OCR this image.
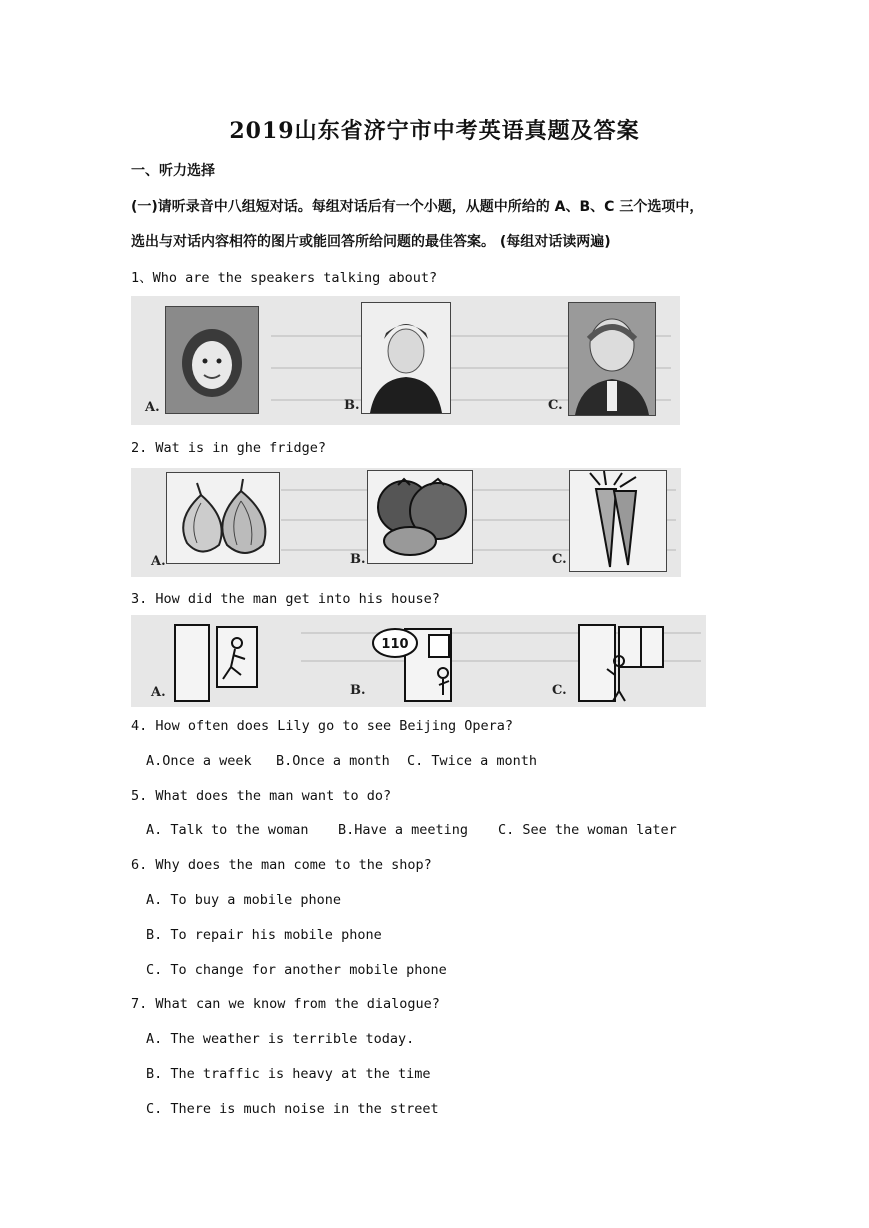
2019山东省济宁市中考英语真题及答案
一、听力选择
(一)请听录音中八组短对话。每组对话后有一个小题，从题中所给的 A、B、C 三个选项中，
选出与对话内容相符的图片或能回答所给问题的最佳答案。 (每组对话读两遍)
1、Who are the speakers talking about?
A.	B.	C.
2. Wat is in ghe fridge?
A.	B.	C.
3. How did the man get into his house?
110
A.	B.	C.
4. How often does Lily go to see Beijing Opera?
A.Once a week B.Once a month C. Twice a month
5. What does the man want to do?
A. Talk to the woman B.Have a meeting C. See the woman later
6. Why does the man come to the shop?
A. To buy a mobile phone
B. To repair his mobile phone
C. To change for another mobile phone
7. What can we know from the dialogue?
A. The weather is terrible today.
B. The traffic is heavy at the time
C. There is much noise in the street
